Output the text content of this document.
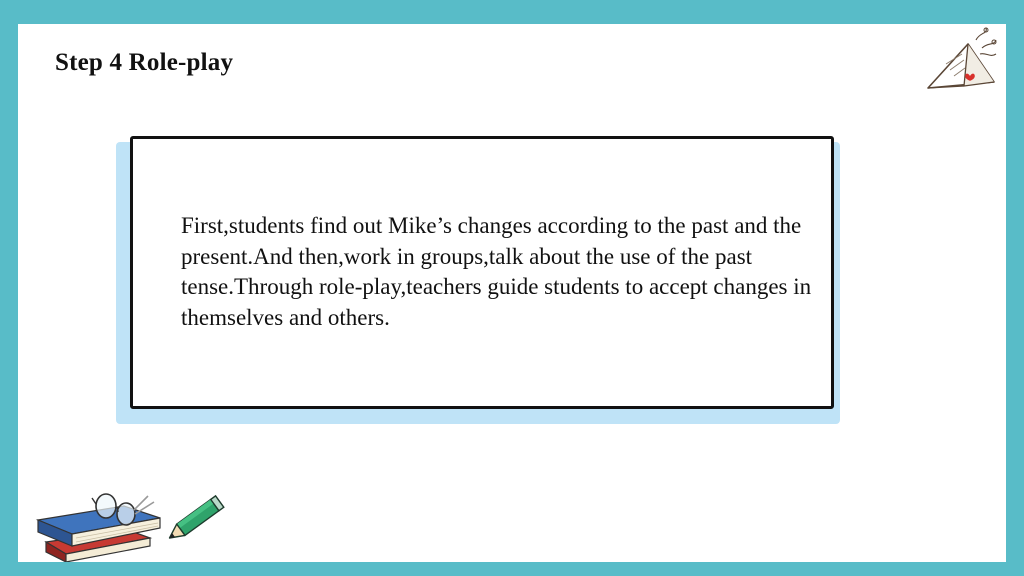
Step 4 Role-play

First,students find out Mike’s changes according to the past and the present.And then,work in groups,talk about the use of the past tense.Through role-play,teachers guide students to accept changes in themselves and others.
